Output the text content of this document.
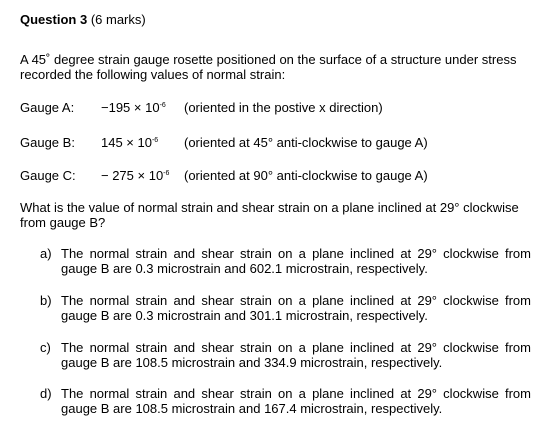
Question 3 (6 marks)
A 45˚ degree strain gauge rosette positioned on the surface of a structure under stress recorded the following values of normal strain:
Gauge A: $-195 \times 10^{-6}$ (oriented in the postive x direction)
Gauge B: $145 \times 10^{-6}$ (oriented at 45° anti-clockwise to gauge A)
Gauge C: − $275 \times 10^{-6}$ (oriented at 90° anti-clockwise to gauge A)
What is the value of normal strain and shear strain on a plane inclined at 29° clockwise from gauge B?
a) The normal strain and shear strain on a plane inclined at 29° clockwise from gauge B are 0.3 microstrain and 602.1 microstrain, respectively.
b) The normal strain and shear strain on a plane inclined at 29° clockwise from gauge B are 0.3 microstrain and 301.1 microstrain, respectively.
c) The normal strain and shear strain on a plane inclined at 29° clockwise from gauge B are 108.5 microstrain and 334.9 microstrain, respectively.
d) The normal strain and shear strain on a plane inclined at 29° clockwise from gauge B are 108.5 microstrain and 167.4 microstrain, respectively.
